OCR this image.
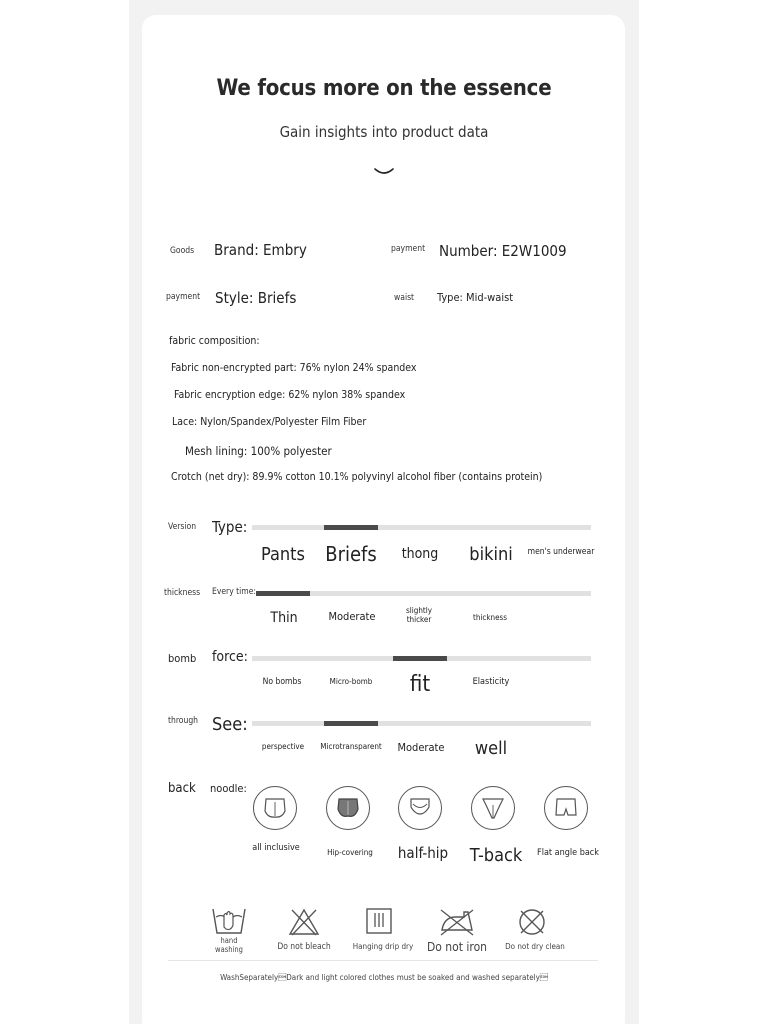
We focus more on the essence
Gain insights into product data
Goods Brand: Embry	payment Number: E2W1009
payment Style: Briefs	waist Type: Mid-waist
fabric composition:
Fabric non-encrypted part: 76% nylon 24% spandex
Fabric encryption edge: 62% nylon 38% spandex
Lace: Nylon/Spandex/Polyester Film Fiber
Mesh lining: 100% polyester
Crotch (net dry): 89.9% cotton 10.1% polyvinyl alcohol fiber (contains protein)
Version Type:
Pants	Briefs	thong	bikini	men's underwear
thickness Every time:
Thin	Moderate	slightly thicker	thickness
bomb force:
No bombs	Micro-bomb	fit	Elasticity
through See:
perspective	Microtransparent	Moderate	well
back noodle:
all inclusive	Hip-covering	half-hip	T-back	Flat angle back
hand washing	Do not bleach	Hanging drip dry	Do not iron	Do not dry clean
WashSeparatelyDark and light colored clothes must be soaked and washed separately
